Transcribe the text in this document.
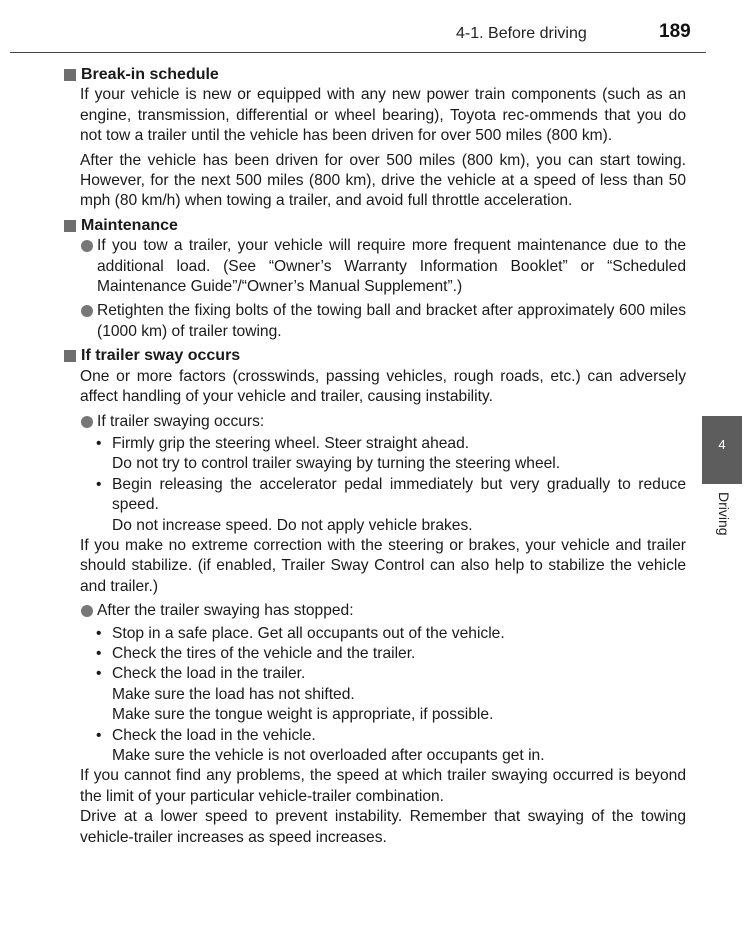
4-1. Before driving	189
4
Driving
Break-in schedule

If your vehicle is new or equipped with any new power train components (such as an engine, transmission, differential or wheel bearing), Toyota rec-ommends that you do not tow a trailer until the vehicle has been driven for over 500 miles (800 km).

After the vehicle has been driven for over 500 miles (800 km), you can start towing. However, for the next 500 miles (800 km), drive the vehicle at a speed of less than 50 mph (80 km/h) when towing a trailer, and avoid full throttle acceleration.

Maintenance
If you tow a trailer, your vehicle will require more frequent maintenance due to the additional load. (See “Owner’s Warranty Information Booklet” or “Scheduled Maintenance Guide”/“Owner’s Manual Supplement”.)
Retighten the fixing bolts of the towing ball and bracket after approximately 600 miles (1000 km) of trailer towing.
If trailer sway occurs

One or more factors (crosswinds, passing vehicles, rough roads, etc.) can adversely affect handling of your vehicle and trailer, causing instability.

If trailer swaying occurs:
• Firmly grip the steering wheel. Steer straight ahead.
Do not try to control trailer swaying by turning the steering wheel.
• Begin releasing the accelerator pedal immediately but very gradually to reduce speed.
Do not increase speed. Do not apply vehicle brakes.

If you make no extreme correction with the steering or brakes, your vehicle and trailer should stabilize. (if enabled, Trailer Sway Control can also help to stabilize the vehicle and trailer.)

After the trailer swaying has stopped:
• Stop in a safe place. Get all occupants out of the vehicle.
• Check the tires of the vehicle and the trailer.
• Check the load in the trailer.
Make sure the load has not shifted.
Make sure the tongue weight is appropriate, if possible.
• Check the load in the vehicle.
Make sure the vehicle is not overloaded after occupants get in.

If you cannot find any problems, the speed at which trailer swaying occurred is beyond the limit of your particular vehicle-trailer combination.

Drive at a lower speed to prevent instability. Remember that swaying of the towing vehicle-trailer increases as speed increases.
